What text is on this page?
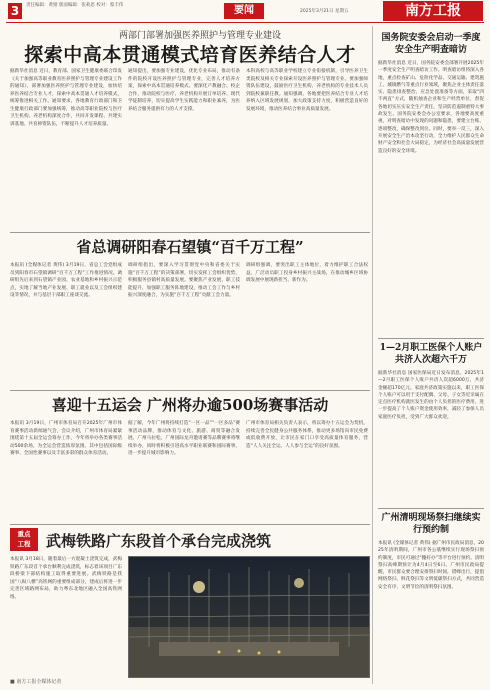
3	责任编辑：黄婧 版面编辑：张莉恩 校对：蔡丰伟	要闻	2025年3月21日 星期五	南方工报
两部门部署加强医养照护与管理专业建设
探索中高本贯通模式培育医养结合人才
据新华社消息 近日，教育部、国家卫生健康委联合印发《关于加强高等职业教育医养照护与管理专业建设工作的通知》，部署加强医养照护与管理专业建设，加快培养医养结合专业人才，探索中高本贯通人才培养模式，统筹推进相关工作。通知要求，各地教育行政部门和卫生健康行政部门要加强统筹，推动高等职业院校与医疗卫生机构、养老机构深度合作，共同开发课程、共建实训基地、共育师资队伍，不断提升人才培养质量。
通知提出，要加强专业建设，优化专业布局，推动有条件的院校开设医养照护与管理专业，完善人才培养方案，探索中高本贯通培养模式。要深化产教融合、校企合作，推动院校与医疗、养老机构开展订单培养、现代学徒制培养，切实提高学生实践能力和职业素养，为医养结合服务提供有力的人才支撑。
本科高校与高等职业学校建立专业衔接机制，引导医养卫生类院校及相关专业探索开设医养照护与管理专业。要加强师资队伍建设，鼓励医疗卫生机构、养老机构的专业技术人员到院校兼职任教。通知强调，各地要把医养结合专业人才培养纳入区域发展规划，加大政策支持力度，积极营造良好的发展环境，推动医养结合事业高质量发展。
省总调研阳春石望镇“百千万工程”
本报讯 (全媒体记者 黄伟) 3月19日，省总工会党组成员到阳春市石望镇调研“百千万工程”工作推进情况。调研组先后来到石望镇产业园、农业基地和乡村振兴示范点，实地了解当地产业发展、职工就业以及工会组织建设等情况，并与基层干部职工座谈交流。
调研组指出，要深入学习贯彻党中央和省委关于实施“百千万工程”的决策部署，切实发挥工会组织优势，积极服务县镇村高质量发展。要聚焦产业发展、职工技能提升，加强职工服务阵地建设，推动工会工作与乡村振兴深度融合，为实施“百千万工程”贡献工会力量。
调研组强调，要突出职工主体地位，着力维护职工合法权益，广泛动员职工投身乡村振兴主战场，在推动城乡区域协调发展中展现新担当、新作为。
喜迎十五运会 广州将办逾500场赛事活动
本报讯 3月19日，广州市体育局召开2025年广州市体育赛事活动新闻通气会，会议介绍，广州市体育局紧紧围绕第十五届全运会筹办工作，今年将举办各类赛事活动500余场，为全运会营造浓厚氛围。其中包括国际级赛事、全国性赛事以及丰富多彩的群众体育活动。
据了解，今年广州将持续打造“一区一品”“一区多品”赛事活动品牌，推动体育与文化、旅游、商贸等融合发展。广州马拉松、广州国际龙舟邀请赛等品牌赛事将继续举办，同时将积极引进高水平职业联赛和国际赛事，进一步提升城市影响力。
广州市体育局相关负责人表示，将以筹办十五运会为契机，持续完善全民健身公共服务体系，推动更多场馆向市民免费或低收费开放，让市民在家门口享受高质量体育服务，营造“人人关注全运、人人参与全运”的良好氛围。
重点
工程	武梅铁路广东段首个承台完成浇筑
本报讯 3月18日，随着最后一方混凝土浇筑完成，武梅铁路广东段首个承台顺利完成浇筑，标志着该项目广东段桥梁下部结构施工取得重要进展。武梅铁路是我国“八纵八横”高铁网的重要组成部分，建成后将进一步完善区域路网布局，助力粤东北地区融入全国高铁网络。
■ 南方工报全媒体记者
国务院安委会启动一季度安全生产明查暗访
据新华社消息 近日，国务院安委会部署开展2025年一季度安全生产明查暗访工作。明查暗访组将深入各地，重点检查矿山、危险化学品、交通运输、建筑施工、城镇燃气等重点行业领域，聚焦企业主体责任落实、隐患排查整治、应急处置准备等方面，采取“四不两直”方式，随机抽查企业和生产经营单位，督促各地切实压实安全生产责任，坚决防范遏制重特大事故发生。国务院安委会办公室要求，各地要高度重视，对明查暗访中发现的问题和隐患，要建立台账、逐项整改，确保整改到位。同时，要举一反三，深入开展安全生产治本攻坚行动，全力维护人民群众生命财产安全和社会大局稳定，为经济社会高质量发展营造良好的安全环境。
1—2月职工医保个人账户共济人次超六千万
据新华社消息 国家医保局近日发布消息，2025年1—2月职工医保个人账户共济人次超6000万，共济金额超170亿元。家庭共济政策实施以来，职工医保个人账户可以用于支付配偶、父母、子女等近亲属在定点医疗机构就医发生的由个人负担的医疗费用，进一步提高了个人账户资金使用效率，减轻了参保人员家庭医疗负担，受到广大群众欢迎。
广州清明现场祭扫继续实行预约制
本报讯 (全媒体记者 黄伟) 据广州市民政局消息，2025年清明期间，广州市各公墓继续实行现场祭扫预约制度，市民可通过“穗好办”等平台进行预约。清明祭扫高峰期预计为4月4日至6日。广州市民政局提醒，市民群众要合理安排祭扫时间，错峰出行，提倡网络祭扫、鲜花祭扫等文明低碳祭扫方式，共同营造安全有序、文明节俭的清明祭扫氛围。
